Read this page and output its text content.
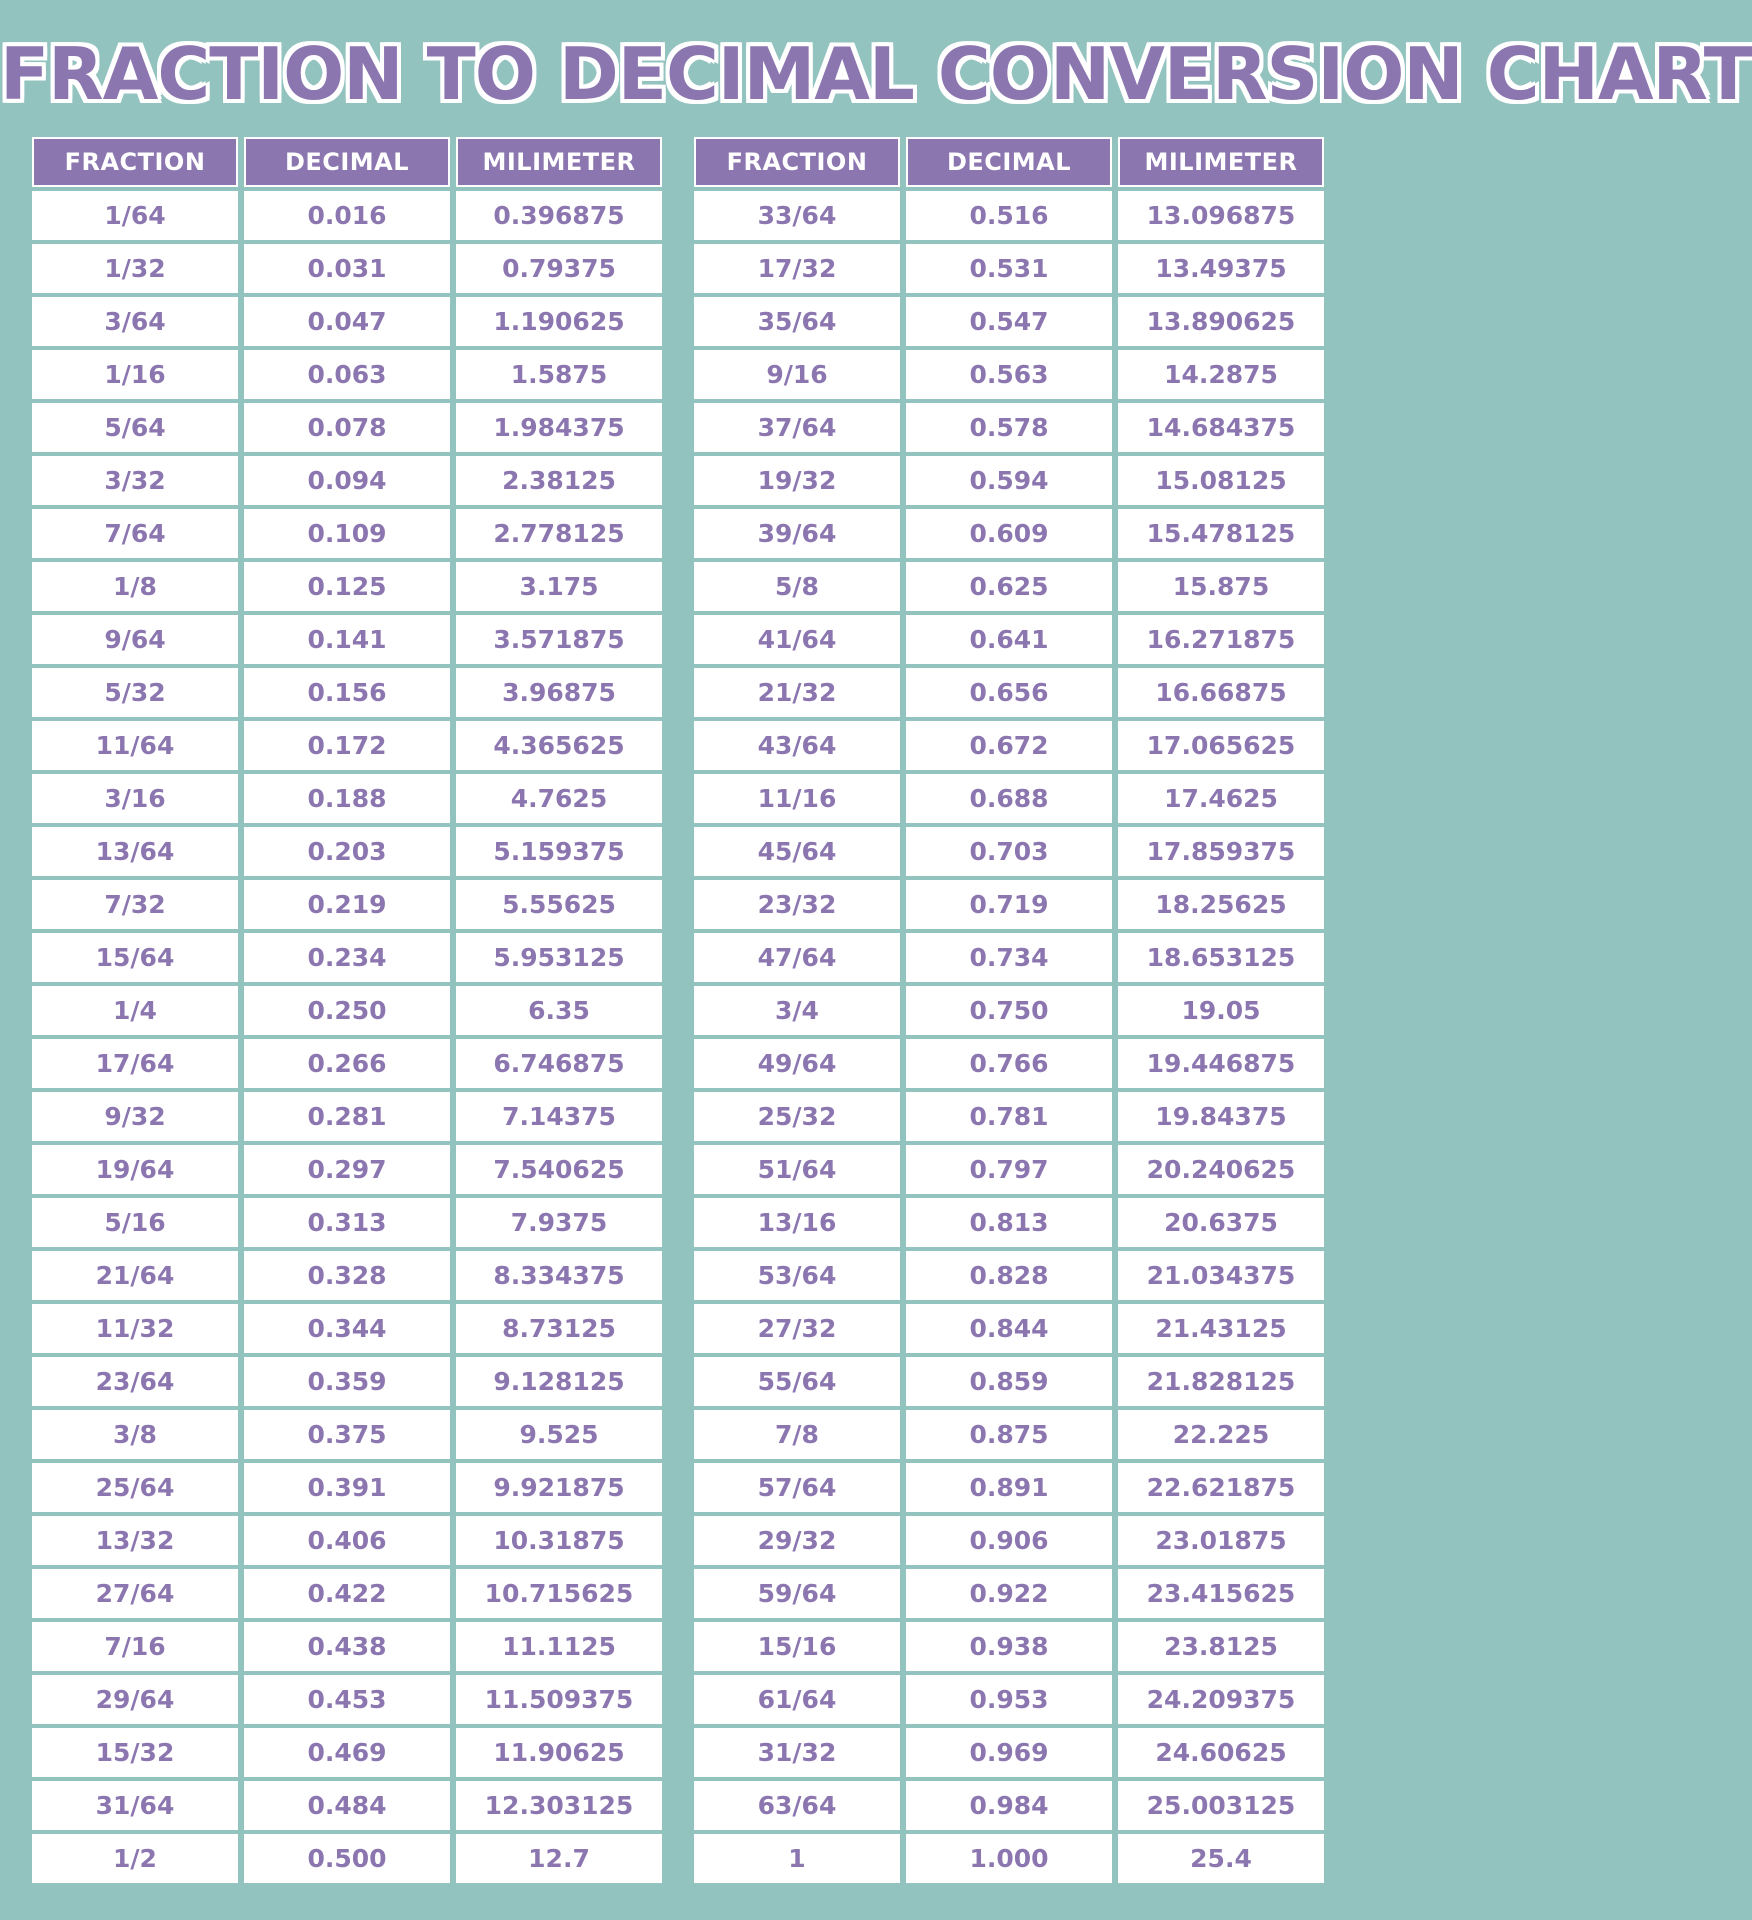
FRACTION TO DECIMAL CONVERSION CHART
FRACTION	DECIMAL	MILIMETER
1/64	0.016	0.396875
1/32	0.031	0.79375
3/64	0.047	1.190625
1/16	0.063	1.5875
5/64	0.078	1.984375
3/32	0.094	2.38125
7/64	0.109	2.778125
1/8	0.125	3.175
9/64	0.141	3.571875
5/32	0.156	3.96875
11/64	0.172	4.365625
3/16	0.188	4.7625
13/64	0.203	5.159375
7/32	0.219	5.55625
15/64	0.234	5.953125
1/4	0.250	6.35
17/64	0.266	6.746875
9/32	0.281	7.14375
19/64	0.297	7.540625
5/16	0.313	7.9375
21/64	0.328	8.334375
11/32	0.344	8.73125
23/64	0.359	9.128125
3/8	0.375	9.525
25/64	0.391	9.921875
13/32	0.406	10.31875
27/64	0.422	10.715625
7/16	0.438	11.1125
29/64	0.453	11.509375
15/32	0.469	11.90625
31/64	0.484	12.303125
1/2	0.500	12.7
FRACTION	DECIMAL	MILIMETER
33/64	0.516	13.096875
17/32	0.531	13.49375
35/64	0.547	13.890625
9/16	0.563	14.2875
37/64	0.578	14.684375
19/32	0.594	15.08125
39/64	0.609	15.478125
5/8	0.625	15.875
41/64	0.641	16.271875
21/32	0.656	16.66875
43/64	0.672	17.065625
11/16	0.688	17.4625
45/64	0.703	17.859375
23/32	0.719	18.25625
47/64	0.734	18.653125
3/4	0.750	19.05
49/64	0.766	19.446875
25/32	0.781	19.84375
51/64	0.797	20.240625
13/16	0.813	20.6375
53/64	0.828	21.034375
27/32	0.844	21.43125
55/64	0.859	21.828125
7/8	0.875	22.225
57/64	0.891	22.621875
29/32	0.906	23.01875
59/64	0.922	23.415625
15/16	0.938	23.8125
61/64	0.953	24.209375
31/32	0.969	24.60625
63/64	0.984	25.003125
1	1.000	25.4
